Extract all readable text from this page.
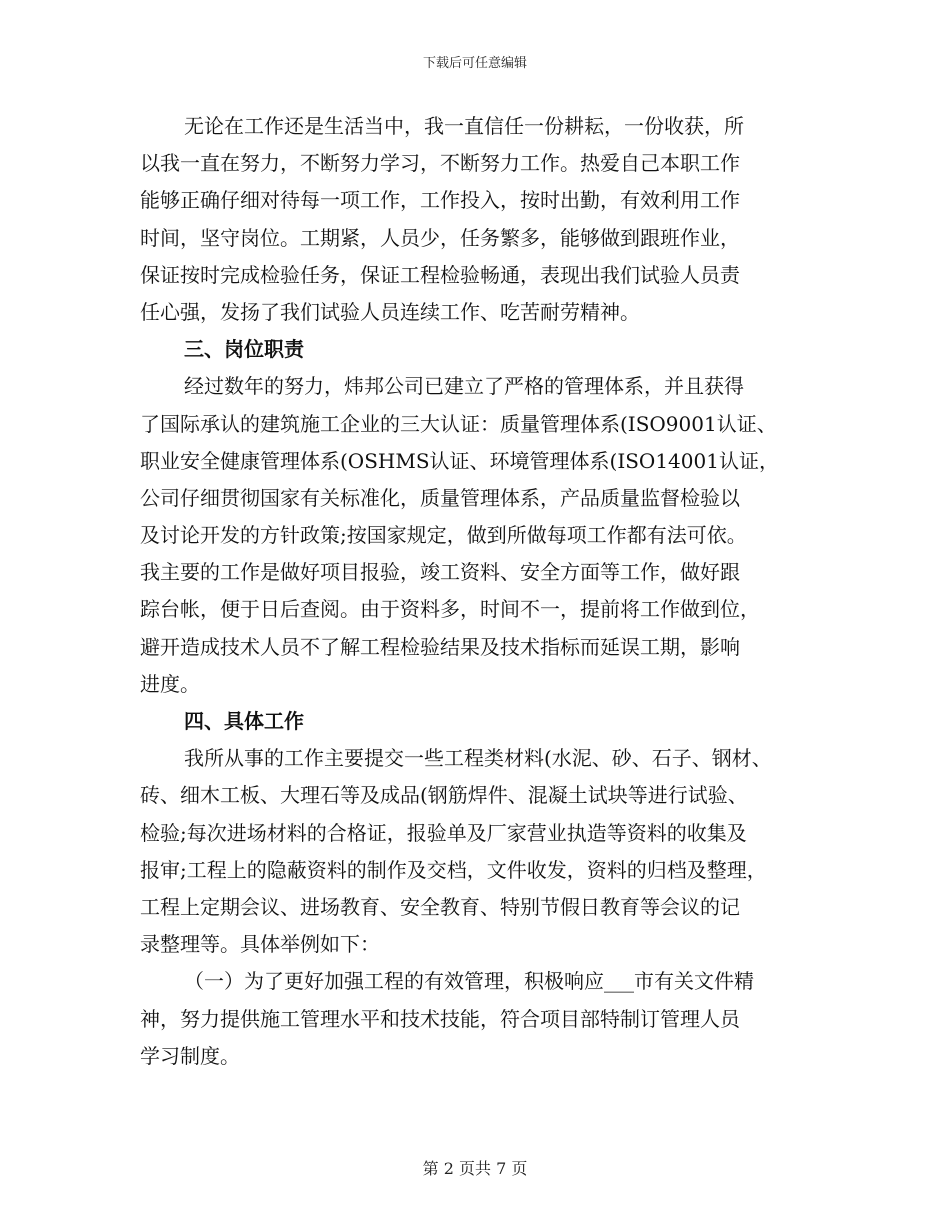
下载后可任意编辑
无论在工作还是生活当中，我一直信任一份耕耘，一份收获，所
以我一直在努力，不断努力学习，不断努力工作。热爱自己本职工作
能够正确仔细对待每一项工作，工作投入，按时出勤，有效利用工作
时间，坚守岗位。工期紧，人员少，任务繁多，能够做到跟班作业，
保证按时完成检验任务，保证工程检验畅通，表现出我们试验人员责
任心强，发扬了我们试验人员连续工作、吃苦耐劳精神。
三、岗位职责
经过数年的努力，炜邦公司已建立了严格的管理体系，并且获得
了国际承认的建筑施工企业的三大认证：质量管理体系(ISO9001认证、
职业安全健康管理体系(OSHMS认证、环境管理体系(ISO14001认证，
公司仔细贯彻国家有关标准化，质量管理体系，产品质量监督检验以
及讨论开发的方针政策;按国家规定，做到所做每项工作都有法可依。
我主要的工作是做好项目报验，竣工资料、安全方面等工作，做好跟
踪台帐，便于日后查阅。由于资料多，时间不一，提前将工作做到位，
避开造成技术人员不了解工程检验结果及技术指标而延误工期，影响
进度。
四、具体工作
我所从事的工作主要提交一些工程类材料(水泥、砂、石子、钢材、
砖、细木工板、大理石等及成品(钢筋焊件、混凝土试块等进行试验、
检验;每次进场材料的合格证，报验单及厂家营业执造等资料的收集及
报审;工程上的隐蔽资料的制作及交档，文件收发，资料的归档及整理，
工程上定期会议、进场教育、安全教育、特别节假日教育等会议的记
录整理等。具体举例如下：
（一）为了更好加强工程的有效管理，积极响应___市有关文件精
神，努力提供施工管理水平和技术技能，符合项目部特制订管理人员
学习制度。
第 2 页共 7 页
